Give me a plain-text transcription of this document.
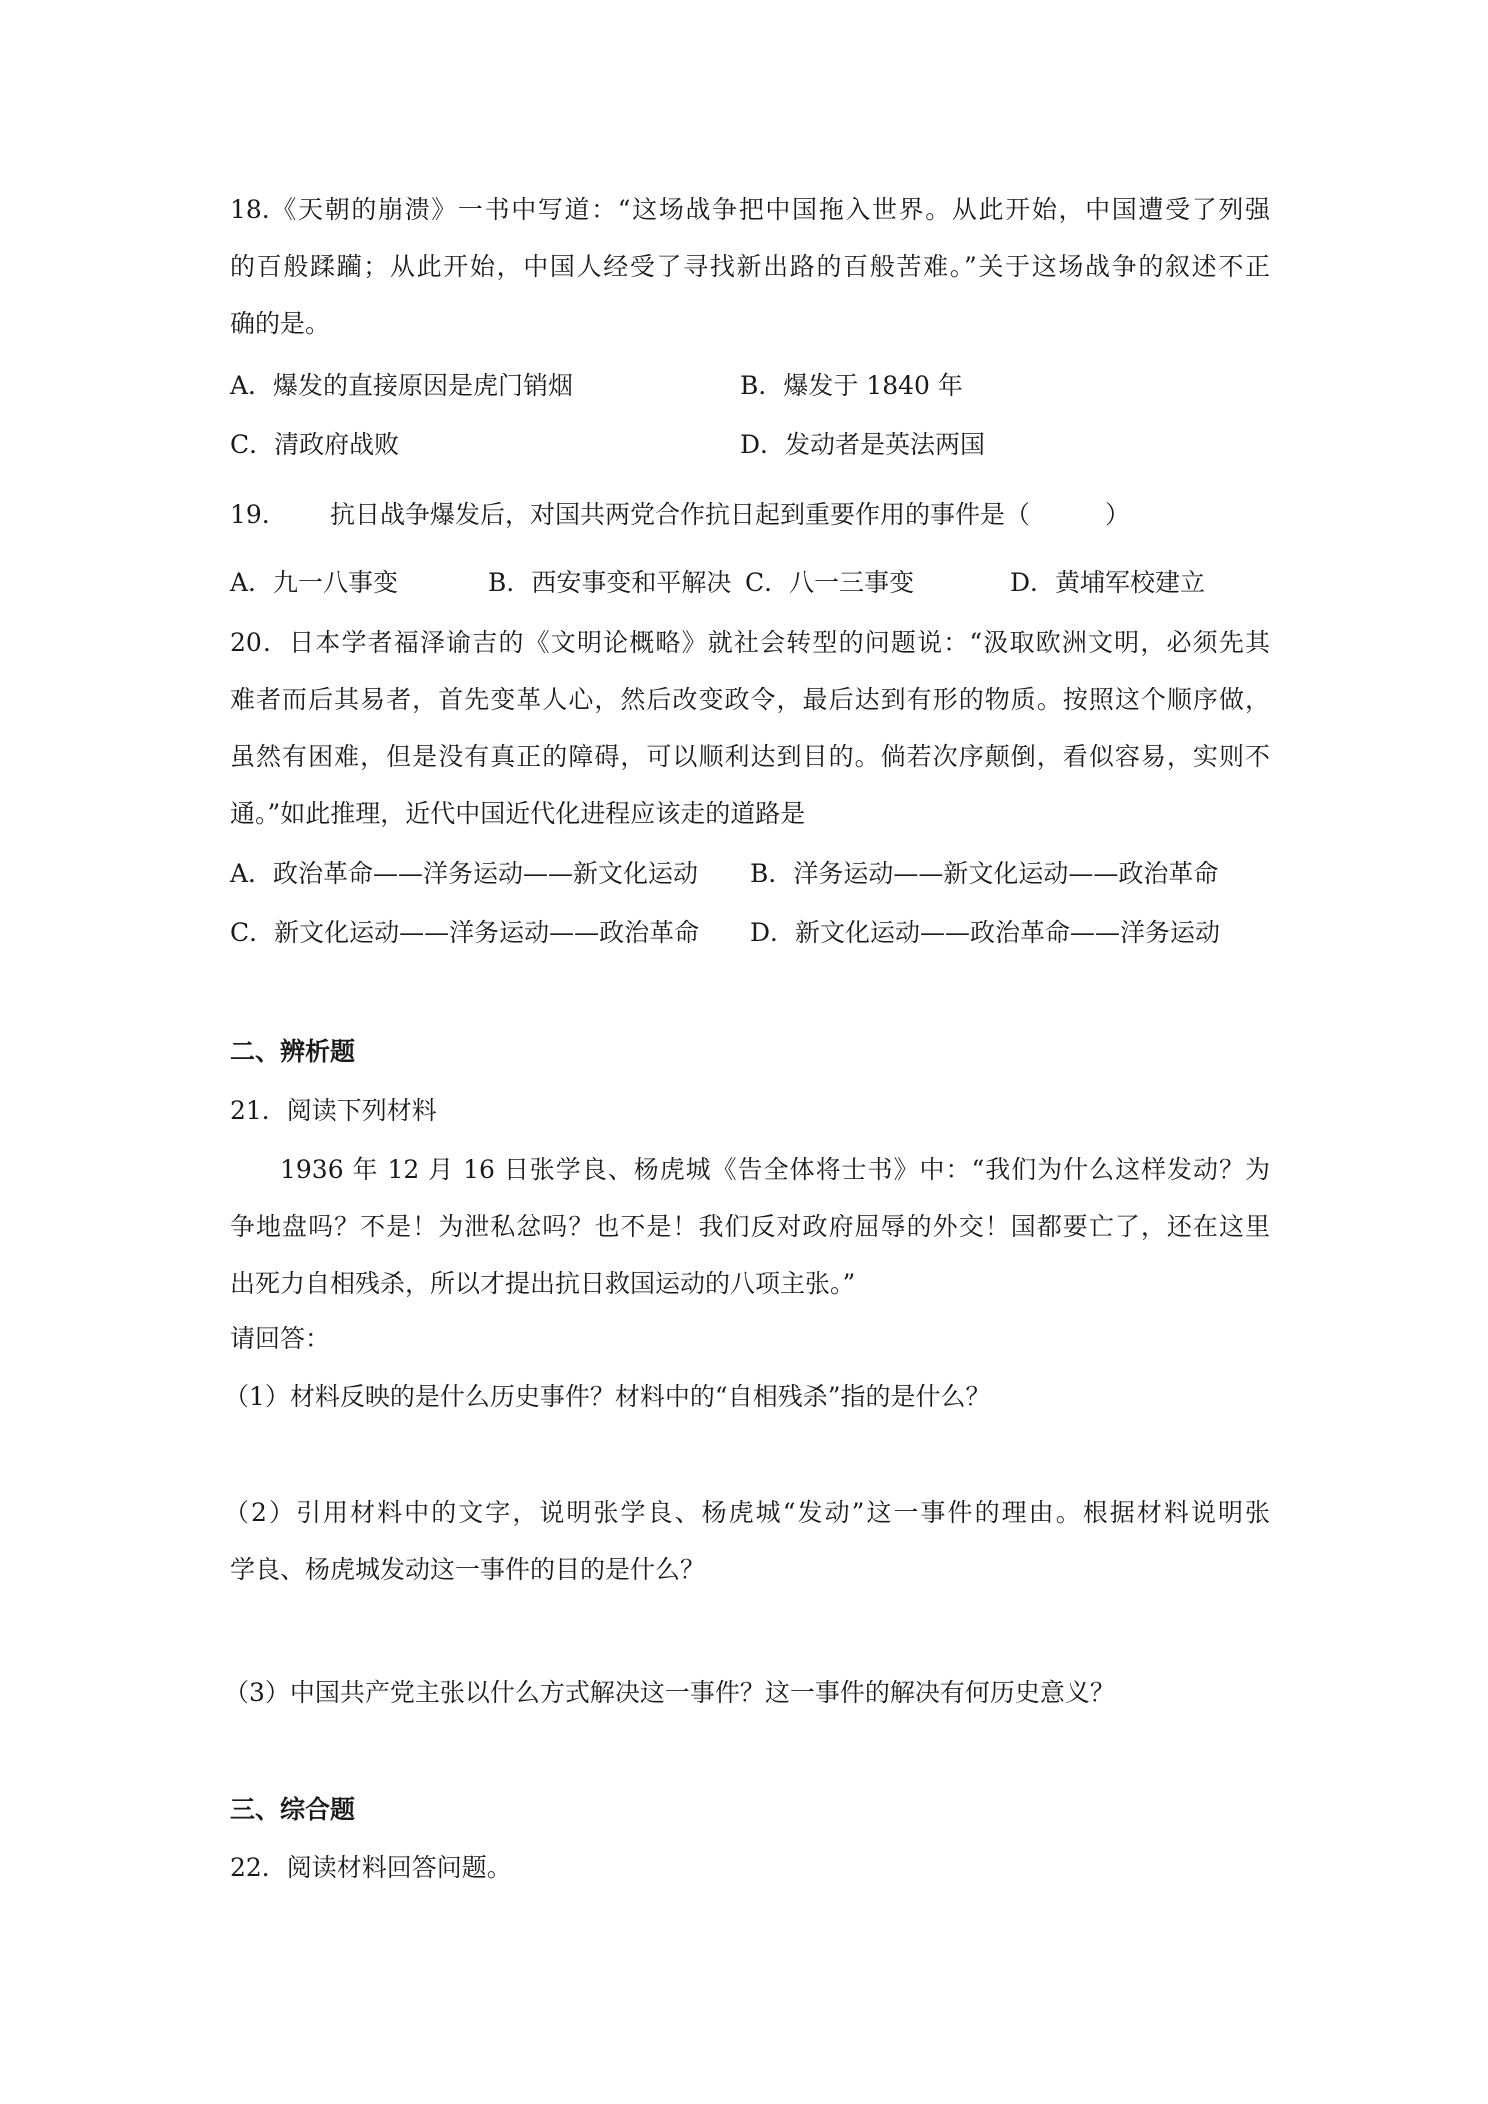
18.《天朝的崩溃》一书中写道：“这场战争把中国拖入世界。从此开始，中国遭受了列强
的百般蹂躏；从此开始，中国人经受了寻找新出路的百般苦难。”关于这场战争的叙述不正
确的是。
A．爆发的直接原因是虎门销烟	B．爆发于 1840 年
C．清政府战败	D．发动者是英法两国
19. 抗日战争爆发后，对国共两党合作抗日起到重要作用的事件是（　　　）
A．九一八事变	B．西安事变和平解决 C．八一三事变	D．黄埔军校建立
20．日本学者福泽谕吉的《文明论概略》就社会转型的问题说：“汲取欧洲文明，必须先其
难者而后其易者，首先变革人心，然后改变政令，最后达到有形的物质。按照这个顺序做，
虽然有困难，但是没有真正的障碍，可以顺利达到目的。倘若次序颠倒，看似容易，实则不
通。”如此推理，近代中国近代化进程应该走的道路是
A．政治革命——洋务运动——新文化运动 B．洋务运动——新文化运动——政治革命
C．新文化运动——洋务运动——政治革命 D．新文化运动——政治革命——洋务运动
二、辨析题
21．阅读下列材料
1936 年 12 月 16 日张学良、杨虎城《告全体将士书》中：“我们为什么这样发动？为
争地盘吗？不是！为泄私忿吗？也不是！我们反对政府屈辱的外交！国都要亡了，还在这里
出死力自相残杀，所以才提出抗日救国运动的八项主张。”
请回答：
（1）材料反映的是什么历史事件？材料中的“自相残杀”指的是什么？
（2）引用材料中的文字，说明张学良、杨虎城“发动”这一事件的理由。根据材料说明张
学良、杨虎城发动这一事件的目的是什么？
（3）中国共产党主张以什么方式解决这一事件？这一事件的解决有何历史意义？
三、综合题
22．阅读材料回答问题。
